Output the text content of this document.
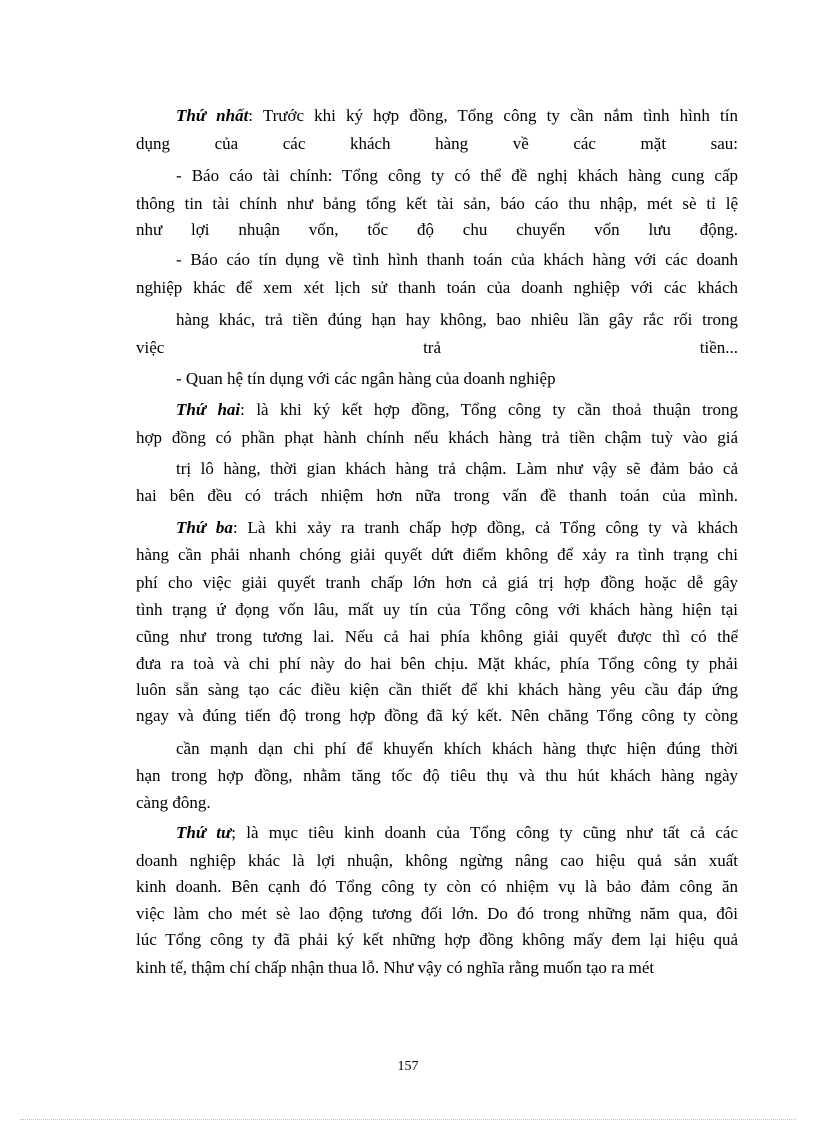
Thứ nhất: Trước khi ký hợp đồng, Tổng công ty cần nắm tình hình tín
dụng của các khách hàng về các mặt sau:
- Báo cáo tài chính: Tổng công ty có thể đề nghị khách hàng cung cấp
thông tin tài chính như bảng tổng kết tài sản, báo cáo thu nhập, mét sè tỉ lệ
như lợi nhuận vốn, tốc độ chu chuyển vốn lưu động.
- Báo cáo tín dụng về tình hình thanh toán của khách hàng với các doanh
nghiệp khác để xem xét lịch sử thanh toán của doanh nghiệp với các khách
hàng khác, trả tiền đúng hạn hay không, bao nhiêu lần gây rắc rối trong
việc trả tiền...
- Quan hệ tín dụng với các ngân hàng của doanh nghiệp
Thứ hai: là khi ký kết hợp đồng, Tổng công ty cần thoả thuận trong
hợp đồng có phần phạt hành chính nếu khách hàng trả tiền chậm tuỳ vào giá
trị lô hàng, thời gian khách hàng trả chậm. Làm như vậy sẽ đảm bảo cả
hai bên đều có trách nhiệm hơn nữa trong vấn đề thanh toán của mình.
Thứ ba: Là khi xảy ra tranh chấp hợp đồng, cả Tổng công ty và khách
hàng cần phải nhanh chóng giải quyết dứt điểm không để xảy ra tình trạng chi
phí cho việc giải quyết tranh chấp lớn hơn cả giá trị hợp đồng hoặc dễ gây
tình trạng ứ đọng vốn lâu, mất uy tín của Tổng công với khách hàng hiện tại
cũng như trong tương lai. Nếu cả hai phía không giải quyết được thì có thể
đưa ra toà và chi phí này do hai bên chịu. Mặt khác, phía Tổng công ty phải
luôn sẵn sàng tạo các điều kiện cần thiết để khi khách hàng yêu cầu đáp ứng
ngay và đúng tiến độ trong hợp đồng đã ký kết. Nên chăng Tổng công ty còng
cần mạnh dạn chi phí để khuyến khích khách hàng thực hiện đúng thời
hạn trong hợp đồng, nhằm tăng tốc độ tiêu thụ và thu hút khách hàng ngày
càng đông.
Thứ tư; là mục tiêu kinh doanh của Tổng công ty cũng như tất cả các
doanh nghiệp khác là lợi nhuận, không ngừng nâng cao hiệu quả sản xuất
kinh doanh. Bên cạnh đó Tổng công ty còn có nhiệm vụ là bảo đảm công ăn
việc làm cho mét sè lao động tương đối lớn. Do đó trong những năm qua, đôi
lúc Tổng công ty đã phải ký kết những hợp đồng không mấy đem lại hiệu quả
kinh tế, thậm chí chấp nhận thua lỗ. Như vậy có nghĩa rằng muốn tạo ra mét
157
